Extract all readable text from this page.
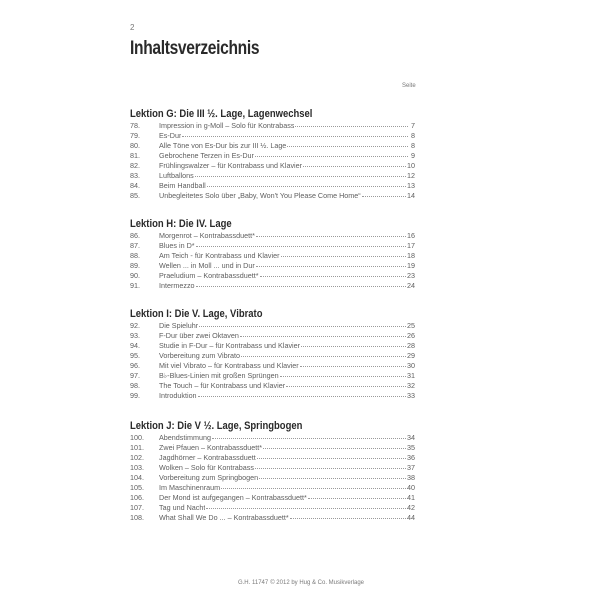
2
Inhaltsverzeichnis
Seite
Lektion G: Die III ½. Lage, Lagenwechsel
78.	Impression in g-Moll – Solo für Kontrabass	7
79.	Es-Dur	8
80.	Alle Töne von Es-Dur bis zur III ½. Lage	8
81.	Gebrochene Terzen in Es-Dur	9
82.	Frühlingswalzer – für Kontrabass und Klavier	10
83.	Luftballons	12
84.	Beim Handball	13
85.	Unbegleitetes Solo über „Baby, Won't You Please Come Home“	14
Lektion H: Die IV. Lage
86.	Morgenrot – Kontrabassduett*	16
87.	Blues in D*	17
88.	Am Teich - für Kontrabass und Klavier	18
89.	Wellen ... in Moll ... und in Dur	19
90.	Praeludium – Kontrabassduett*	23
91.	Intermezzo	24
Lektion I: Die V. Lage, Vibrato
92.	Die Spieluhr	25
93.	F-Dur über zwei Oktaven	26
94.	Studie in F-Dur – für Kontrabass und Klavier	28
95.	Vorbereitung zum Vibrato	29
96.	Mit viel Vibrato – für Kontrabass und Klavier	30
97.	B♭-Blues-Linien mit großen Sprüngen	31
98.	The Touch – für Kontrabass und Klavier	32
99.	Introduktion	33
Lektion J: Die V ½. Lage, Springbogen
100.	Abendstimmung	34
101.	Zwei Pfauen – Kontrabassduett*	35
102.	Jagdhörner – Kontrabassduett	36
103.	Wolken – Solo für Kontrabass	37
104.	Vorbereitung zum Springbogen	38
105.	Im Maschinenraum	40
106.	Der Mond ist aufgegangen – Kontrabassduett*	41
107.	Tag und Nacht	42
108.	What Shall We Do ... – Kontrabassduett*	44
G.H. 11747 © 2012 by Hug & Co. Musikverlage
